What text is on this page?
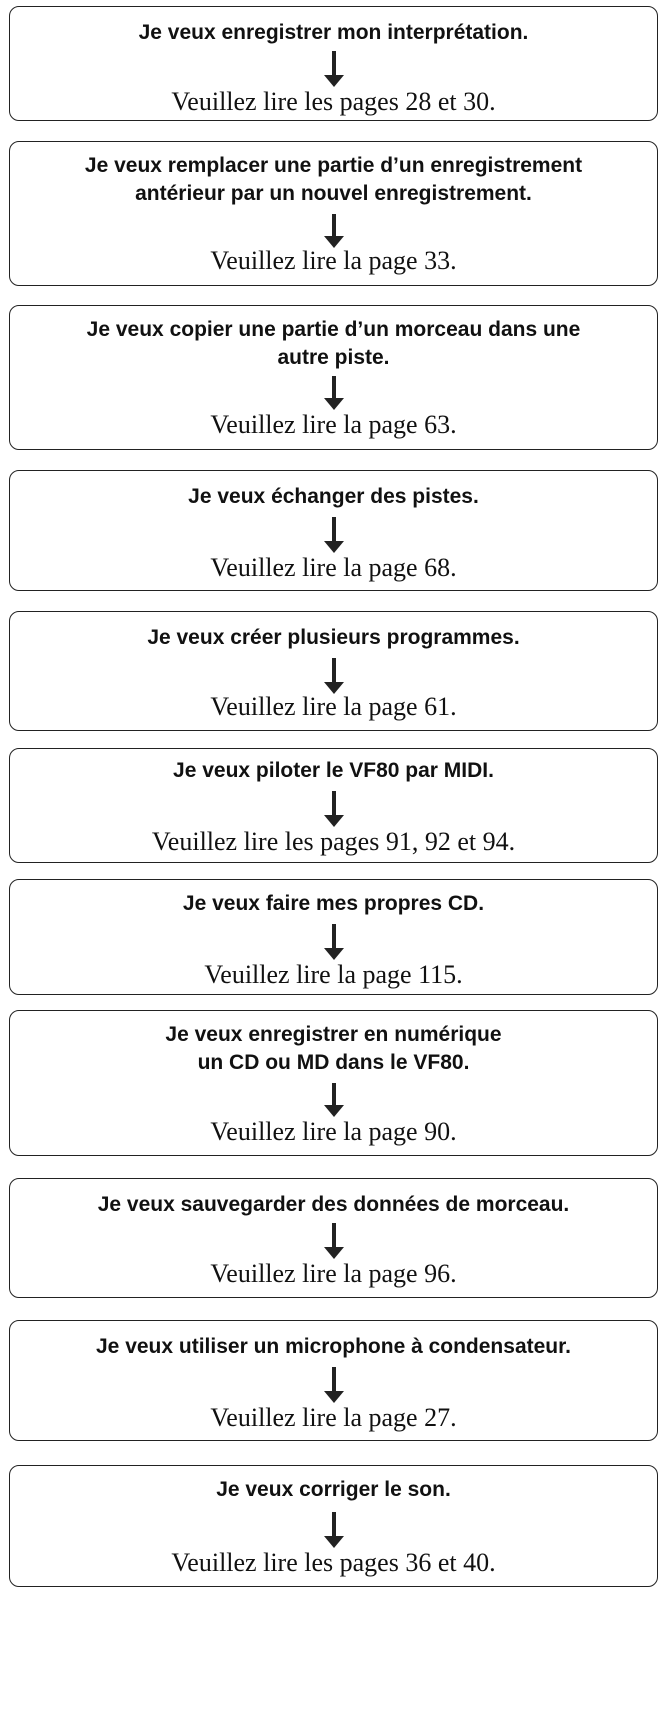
Je veux enregistrer mon interprétation.
Veuillez lire les pages 28 et 30.
Je veux remplacer une partie d’un enregistrement
antérieur par un nouvel enregistrement.
Veuillez lire la page 33.
Je veux copier une partie d’un morceau dans une
autre piste.
Veuillez lire la page 63.
Je veux échanger des pistes.
Veuillez lire la page 68.
Je veux créer plusieurs programmes.
Veuillez lire la page 61.
Je veux piloter le VF80 par MIDI.
Veuillez lire les pages 91, 92 et 94.
Je veux faire mes propres CD.
Veuillez lire la page 115.
Je veux enregistrer en numérique
un CD ou MD dans le VF80.
Veuillez lire la page 90.
Je veux sauvegarder des données de morceau.
Veuillez lire la page 96.
Je veux utiliser un microphone à condensateur.
Veuillez lire la page 27.
Je veux corriger le son.
Veuillez lire les pages 36 et 40.
